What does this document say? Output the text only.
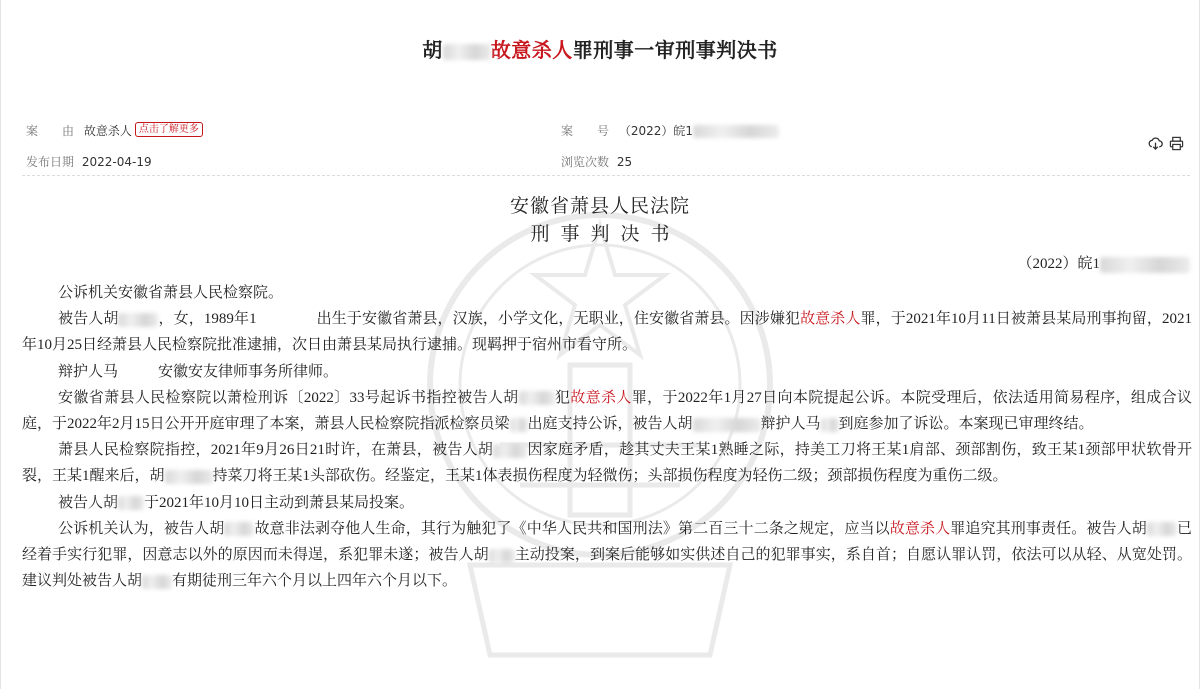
胡 故意杀人罪刑事一审刑事判决书
案　　由 故意杀人 点击了解更多	案　　号 （2022）皖1
发布日期 2022-04-19	浏览次数 25
安徽省萧县人民法院
刑事判决书
（2022）皖1

公诉机关安徽省萧县人民检察院。

被告人胡	，女，1989年1	出生于安徽省萧县，汉族，小学文化，无职业，住安徽省萧县。因涉嫌犯故意杀人罪，于2021年10月11日被萧县某局刑事拘留，2021年10月25日经萧县人民检察院批准逮捕，次日由萧县某局执行逮捕。现羁押于宿州市看守所。

辩护人马	安徽安友律师事务所律师。

安徽省萧县人民检察院以萧检刑诉〔2022〕33号起诉书指控被告人胡 犯故意杀人罪，于2022年1月27日向本院提起公诉。本院受理后，依法适用简易程序，组成合议庭，于2022年2月15日公开开庭审理了本案，萧县人民检察院指派检察员梁 出庭支持公诉，被告人胡	辩护人马 到庭参加了诉讼。本案现已审理终结。

萧县人民检察院指控，2021年9月26日21时许，在萧县，被告人胡 因家庭矛盾，趁其丈夫王某1熟睡之际，持美工刀将王某1肩部、颈部割伤，致王某1颈部甲状软骨开裂，王某1醒来后，胡	持菜刀将王某1头部砍伤。经鉴定，王某1体表损伤程度为轻微伤；头部损伤程度为轻伤二级；颈部损伤程度为重伤二级。

被告人胡 于2021年10月10日主动到萧县某局投案。

公诉机关认为，被告人胡 故意非法剥夺他人生命，其行为触犯了《中华人民共和国刑法》第二百三十二条之规定，应当以故意杀人罪追究其刑事责任。被告人胡 已经着手实行犯罪，因意志以外的原因而未得逞，系犯罪未遂；被告人胡 主动投案，到案后能够如实供述自己的犯罪事实，系自首；自愿认罪认罚，依法可以从轻、从宽处罚。建议判处被告人胡 有期徒刑三年六个月以上四年六个月以下。
